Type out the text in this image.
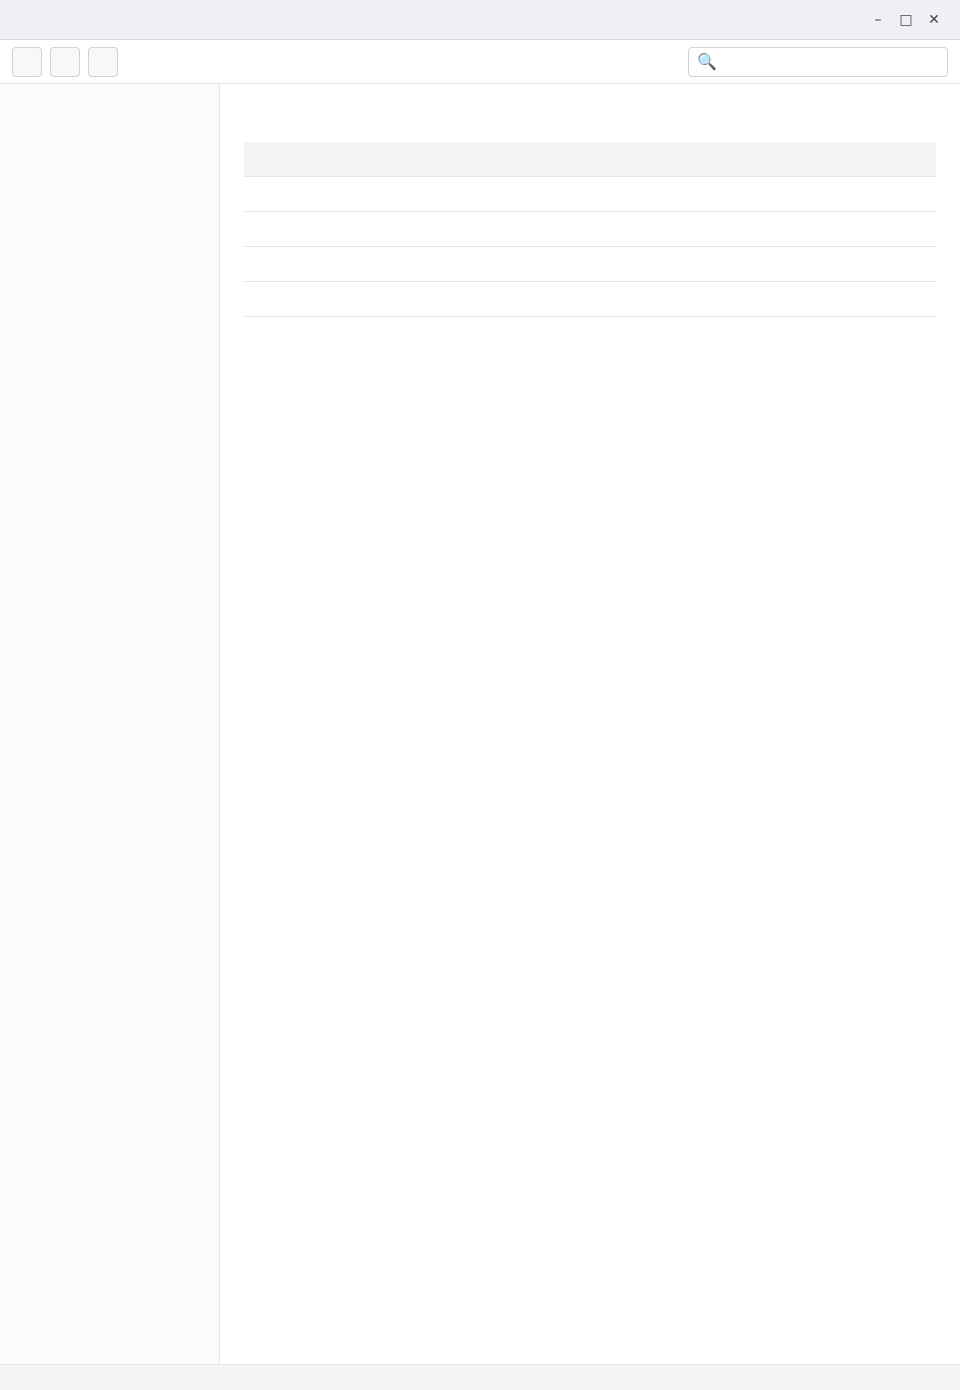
–	□	✕
🔍
